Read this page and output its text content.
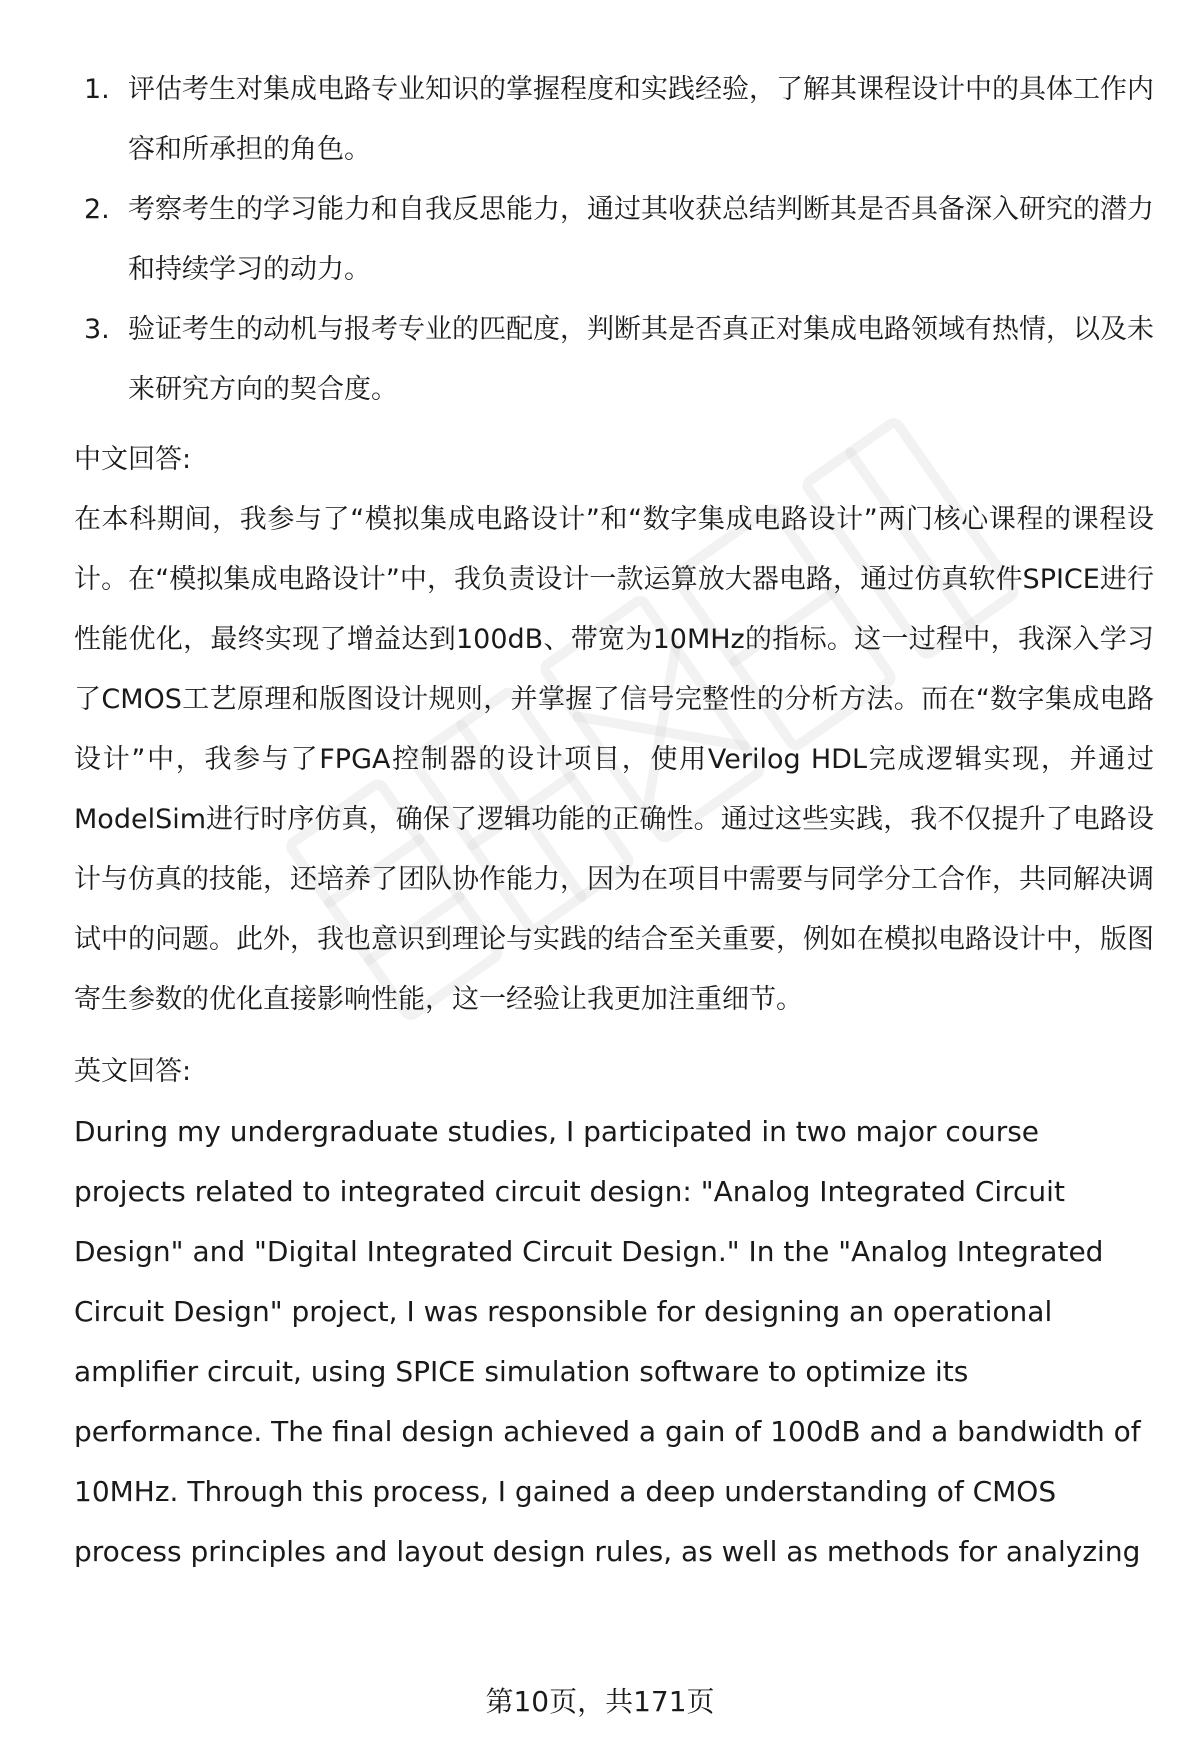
1. 评估考生对集成电路专业知识的掌握程度和实践经验，了解其课程设计中的具体工作内容和所承担的角色。
2. 考察考生的学习能力和自我反思能力，通过其收获总结判断其是否具备深入研究的潜力和持续学习的动力。
3. 验证考生的动机与报考专业的匹配度，判断其是否真正对集成电路领域有热情，以及未来研究方向的契合度。

中文回答:

在本科期间，我参与了“模拟集成电路设计”和“数字集成电路设计”两门核心课程的课程设计。在“模拟集成电路设计”中，我负责设计一款运算放大器电路，通过仿真软件SPICE进行性能优化，最终实现了增益达到100dB、带宽为10MHz的指标。这一过程中，我深入学习了CMOS工艺原理和版图设计规则，并掌握了信号完整性的分析方法。而在“数字集成电路设计”中，我参与了FPGA控制器的设计项目，使用Verilog HDL完成逻辑实现，并通过ModelSim进行时序仿真，确保了逻辑功能的正确性。通过这些实践，我不仅提升了电路设计与仿真的技能，还培养了团队协作能力，因为在项目中需要与同学分工合作，共同解决调试中的问题。此外，我也意识到理论与实践的结合至关重要，例如在模拟电路设计中，版图寄生参数的优化直接影响性能，这一经验让我更加注重细节。

英文回答:

During my undergraduate studies, I participated in two major course projects related to integrated circuit design: "Analog Integrated Circuit Design" and "Digital Integrated Circuit Design." In the "Analog Integrated Circuit Design" project, I was responsible for designing an operational amplifier circuit, using SPICE simulation software to optimize its performance. The final design achieved a gain of 100dB and a bandwidth of 10MHz. Through this process, I gained a deep understanding of CMOS process principles and layout design rules, as well as methods for analyzing

第10页，共171页
